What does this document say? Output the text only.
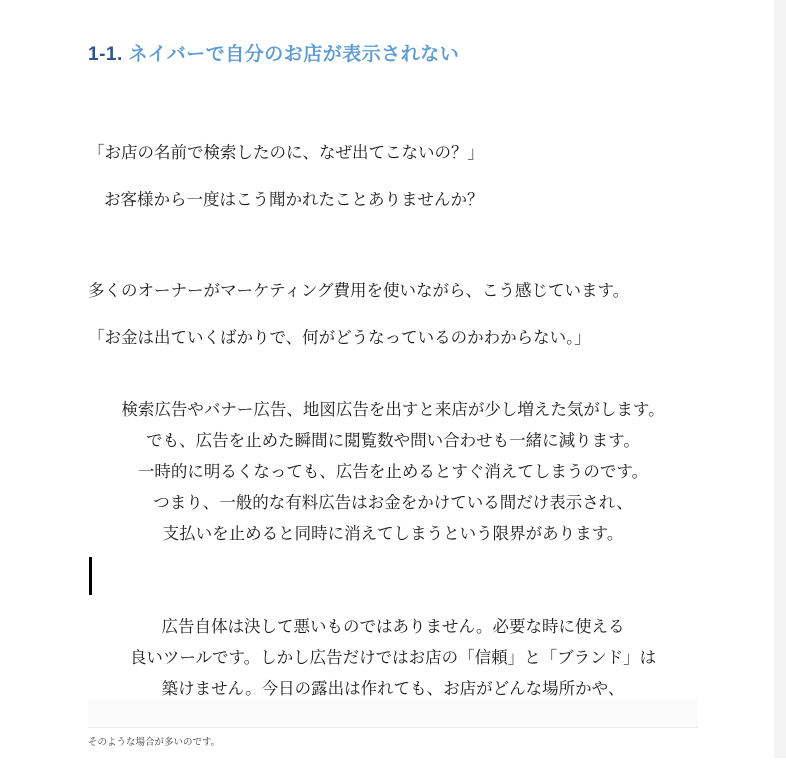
1-1. ネイバーで自分のお店が表示されない

「お店の名前で検索したのに、なぜ出てこないの？」

お客様から一度はこう聞かれたことありませんか？

多くのオーナーがマーケティング費用を使いながら、こう感じています。

「お金は出ていくばかりで、何がどうなっているのかわからない。」

検索広告やバナー広告、地図広告を出すと来店が少し増えた気がします。
でも、広告を止めた瞬間に閲覧数や問い合わせも一緒に減ります。
一時的に明るくなっても、広告を止めるとすぐ消えてしまうのです。
つまり、一般的な有料広告はお金をかけている間だけ表示され、
支払いを止めると同時に消えてしまうという限界があります。
広告自体は決して悪いものではありません。必要な時に使える
良いツールです。しかし広告だけではお店の「信頼」と「ブランド」は
築けません。今日の露出は作れても、お店がどんな場所かや、
そのような場合が多いのです。
